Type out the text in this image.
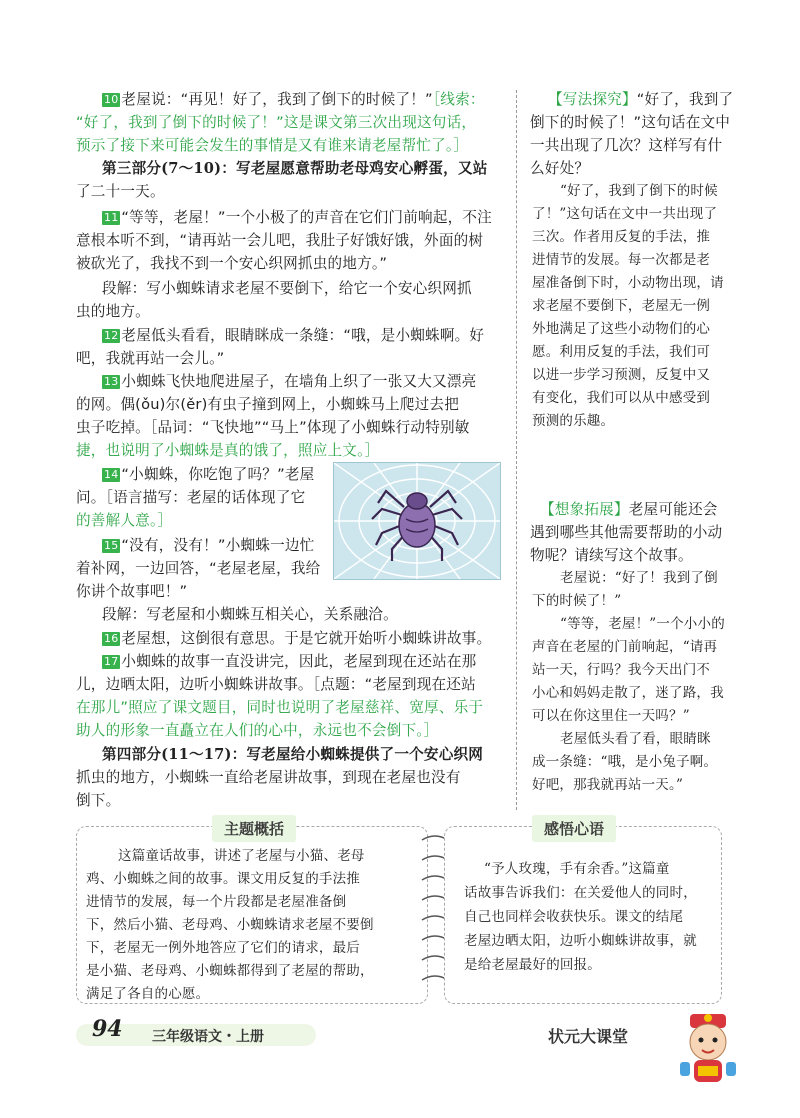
10 老屋说：“再见！好了，我到了倒下的时候了！”［线索：
“好了，我到了倒下的时候了！”这是课文第三次出现这句话，
预示了接下来可能会发生的事情是又有谁来请老屋帮忙了。］
第三部分(7～10)：写老屋愿意帮助老母鸡安心孵蛋，又站
了二十一天。
11 “等等，老屋！”一个小极了的声音在它们门前响起，不注
意根本听不到，“请再站一会儿吧，我肚子好饿好饿，外面的树
被砍光了，我找不到一个安心织网抓虫的地方。”
段解：写小蜘蛛请求老屋不要倒下，给它一个安心织网抓
虫的地方。
12 老屋低头看看，眼睛眯成一条缝：“哦，是小蜘蛛啊。好
吧，我就再站一会儿。”
13 小蜘蛛飞快地爬进屋子，在墙角上织了一张又大又漂亮
的网。偶(ǒu)尔(ěr)有虫子撞到网上，小蜘蛛马上爬过去把
虫子吃掉。［品词：“飞快地”“马上”体现了小蜘蛛行动特别敏
捷，也说明了小蜘蛛是真的饿了，照应上文。］
14 “小蜘蛛，你吃饱了吗？”老屋
问。［语言描写：老屋的话体现了它
的善解人意。］
15 “没有，没有！”小蜘蛛一边忙
着补网，一边回答，“老屋老屋，我给
你讲个故事吧！”
段解：写老屋和小蜘蛛互相关心，关系融洽。
16 老屋想，这倒很有意思。于是它就开始听小蜘蛛讲故事。
17 小蜘蛛的故事一直没讲完，因此，老屋到现在还站在那
儿，边晒太阳，边听小蜘蛛讲故事。［点题：“老屋到现在还站
在那儿”照应了课文题目，同时也说明了老屋慈祥、宽厚、乐于
助人的形象一直矗立在人们的心中，永远也不会倒下。］
第四部分(11～17)：写老屋给小蜘蛛提供了一个安心织网
抓虫的地方，小蜘蛛一直给老屋讲故事，到现在老屋也没有
倒下。
【写法探究】“好了，我到了
倒下的时候了！”这句话在文中
一共出现了几次？这样写有什
么好处？
“好了，我到了倒下的时候
了！”这句话在文中一共出现了
三次。作者用反复的手法，推
进情节的发展。每一次都是老
屋准备倒下时，小动物出现，请
求老屋不要倒下，老屋无一例
外地满足了这些小动物们的心
愿。利用反复的手法，我们可
以进一步学习预测，反复中又
有变化，我们可以从中感受到
预测的乐趣。
【想象拓展】老屋可能还会
遇到哪些其他需要帮助的小动
物呢？请续写这个故事。
老屋说：“好了！我到了倒
下的时候了！”
“等等，老屋！”一个小小的
声音在老屋的门前响起，“请再
站一天，行吗？我今天出门不
小心和妈妈走散了，迷了路，我
可以在你这里住一天吗？”
老屋低头看了看，眼睛眯
成一条缝：“哦，是小兔子啊。
好吧，那我就再站一天。”
主题概括
这篇童话故事，讲述了老屋与小猫、老母
鸡、小蜘蛛之间的故事。课文用反复的手法推
进情节的发展，每一个片段都是老屋准备倒
下，然后小猫、老母鸡、小蜘蛛请求老屋不要倒
下，老屋无一例外地答应了它们的请求，最后
是小猫、老母鸡、小蜘蛛都得到了老屋的帮助，
满足了各自的心愿。
感悟心语
“予人玫瑰，手有余香。”这篇童
话故事告诉我们：在关爱他人的同时，
自己也同样会收获快乐。课文的结尾
老屋边晒太阳，边听小蜘蛛讲故事，就
是给老屋最好的回报。
94 三年级语文・上册	状元大课堂
